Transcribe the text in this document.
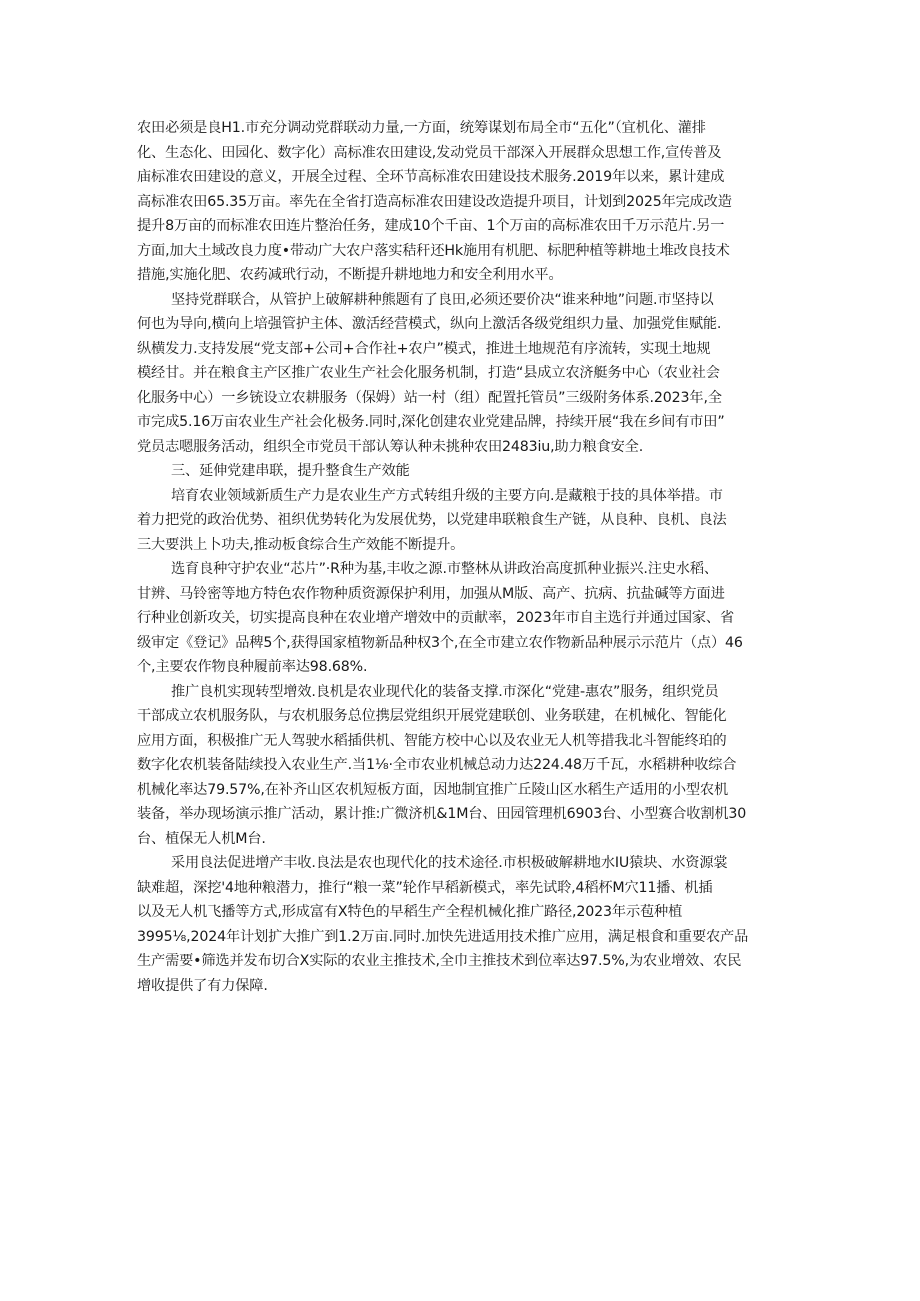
农田必须是良H1.市充分调动党群联动力量,一方面，统筹谋划布局全市“五化”（宜机化、灌排
化、生态化、田园化、数字化）高标准农田建设,发动党员干部深入开展群众思想工作,宣传普及
庙标准农田建设的意义，开展全过程、全环节高标准农田建设技术服务.2019年以来，累计建成
高标准农田65.35万亩。率先在全省打造高标准农田建设改造提升项目，计划到2025年完成改造
提升8万亩的而标准农田连片整治任务，建成10个千亩、1个万亩的高标准农田千万示范片.另一
方面,加大土域改良力度•带动广大农户落实秸秆还Hk施用有机肥、标肥种植等耕地土堆改良技术
措施,实施化肥、农药减玳行动，不断提升耕地地力和安全利用水平。
坚持党群联合，从管护上破解耕种熊题有了良田,必须还要价决“谁来种地”问题.市坚持以
何也为导向,横向上培强管护主体、激活经营模式，纵向上激活各级党组织力量、加强党隹赋能.
纵横发力.支持发展“党支部+公司+合作社+农户”模式，推进土地规范有序流转，实现土地规
模经甘。并在粮食主产区推广农业生产社会化服务机制，打造“县成立农济艇务中心（农业社会
化服务中心）一乡铳设立农耕服务（保姆）站一村（组）配置托管员”三级附务体系.2023年,全
市完成5.16万亩农业生产社会化极务.同时,深化创建农业党建品牌，持续开展“我在乡间有市田”
党员志嗯服务活动，组织全市党员干部认筹认种未挑种农田2483iu,助力粮食安全.
三、延伸党建串联，提升整食生产效能
培育农业领域新质生产力是农业生产方式转组升级的主要方向.是藏粮于技的具体举措。市
着力把党的政治优势、祖织优势转化为发展优势，以党建串联粮食生产链，从良种、良机、良法
三大要洪上卜功夫,推动板食综合生产效能不断提升。
选育良种守护农业“芯片”·R种为基,丰收之源.市整林从讲政治高度抓种业振兴.注史水稻、
甘辨、马铃密等地方特色农作物种质资源保护利用，加强从M版、高产、抗病、抗盐碱等方面进
行种业创新攻关，切实提高良种在农业增产增效中的贡献率，2023年市自主选行并通过国家、省
级审定《登记》品稗5个,获得国家植物新品种权3个,在全市建立农作物新品种展示示范片（点）46
个,主要农作物良种履前率达98.68%.
推广良机实现转型增效.良机是农业现代化的装备支撑.市深化“党建-惠农”服务，组织党员
干部成立农机服务队，与农机服务总位携层党组织开展党建联创、业务联建，在机械化、智能化
应用方面，积极推广无人驾驶水稻插供机、智能方校中心以及农业无人机等措我北斗智能终珀的
数字化农机装备陆续投入农业生产.当1⅛·全市农业机械总动力达224.48万千瓦，水稻耕种收综合
机械化率达79.57%,在补齐山区农机短板方面，因地制宜推广丘陵山区水稻生产适用的小型农机
装备，举办现场演示推广活动，累计推:广微济机&1M台、田园管理机6903台、小型赛合收割机30
台、植保无人机M台.
采用良法促进增产丰收.良法是农也现代化的技术途径.市枳极破解耕地水IU猿块、水资源裳
缺难超，深挖'4地种粮潜力，推行“粮一菜”轮作早稻新模式，率先试聆,4稻杯M穴11播、机插
以及无人机飞播等方式,形成富有X特色的早稻生产全程机械化推广路径,2023年示苞种植
3995⅛,2024年计划扩大推广到1.2万亩.同时.加快先进适用技术推广应用，满足根食和重要农产品
生产需要•筛选并发布切合X实际的农业主推技术,全巾主推技术到位率达97.5%,为农业增效、农民
增收提供了有力保障.
